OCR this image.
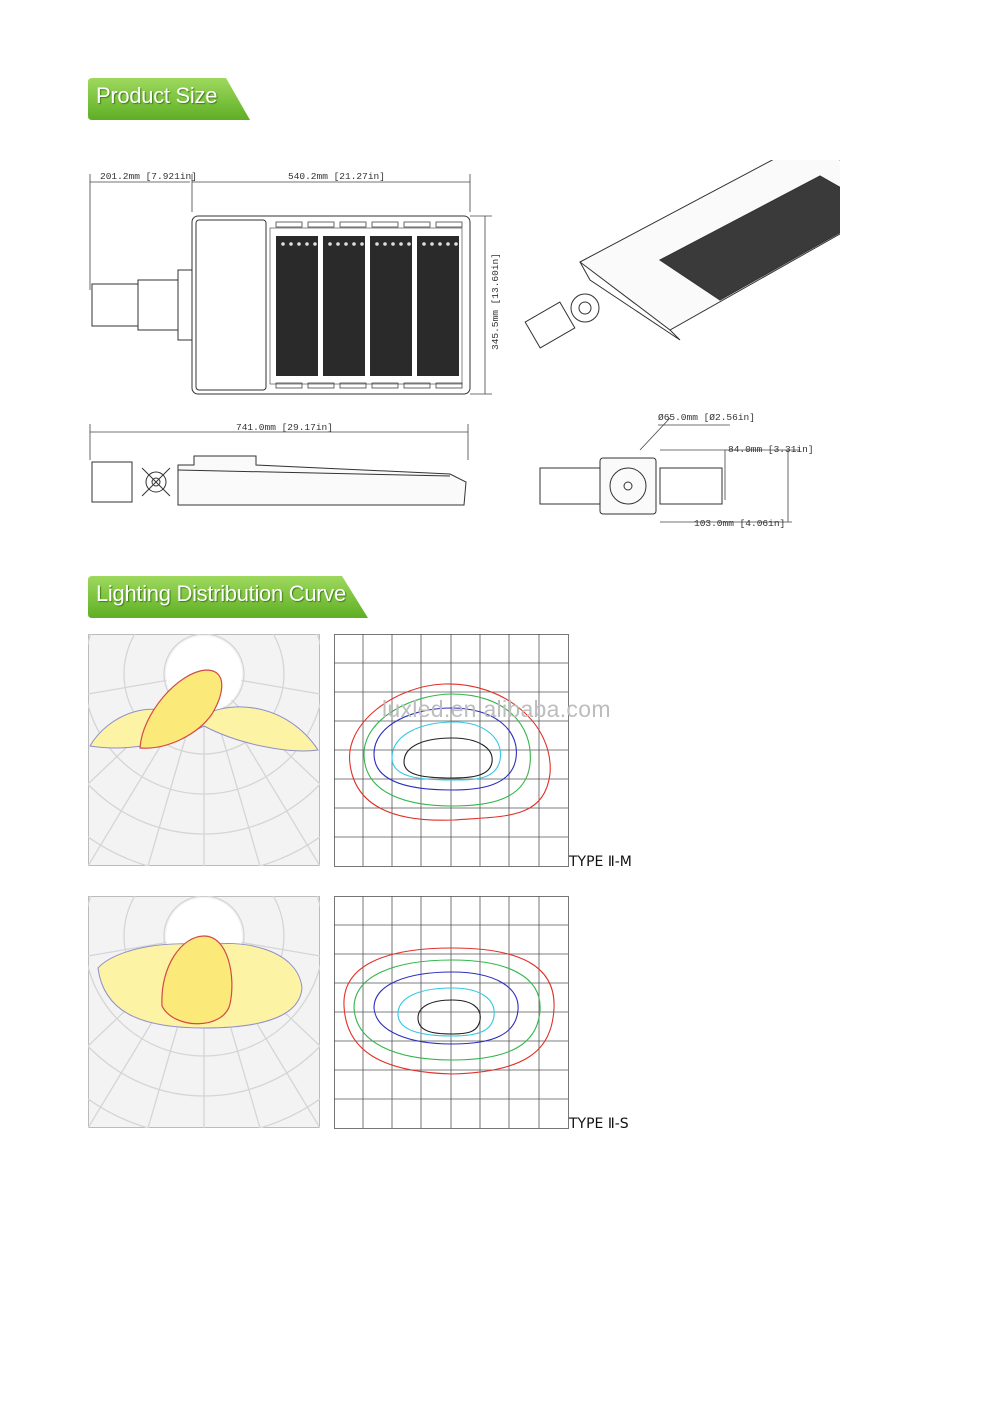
Product Size
201.2mm [7.921in]	540.2mm [21.27in]
345.5mm [13.60in]
741.0mm [29.17in]
Ø65.0mm [Ø2.56in]
84.0mm [3.31in]
103.0mm [4.06in]
Lighting Distribution Curve
luxled.en.alibaba.com
TYPE Ⅱ-M
TYPE Ⅱ-S
